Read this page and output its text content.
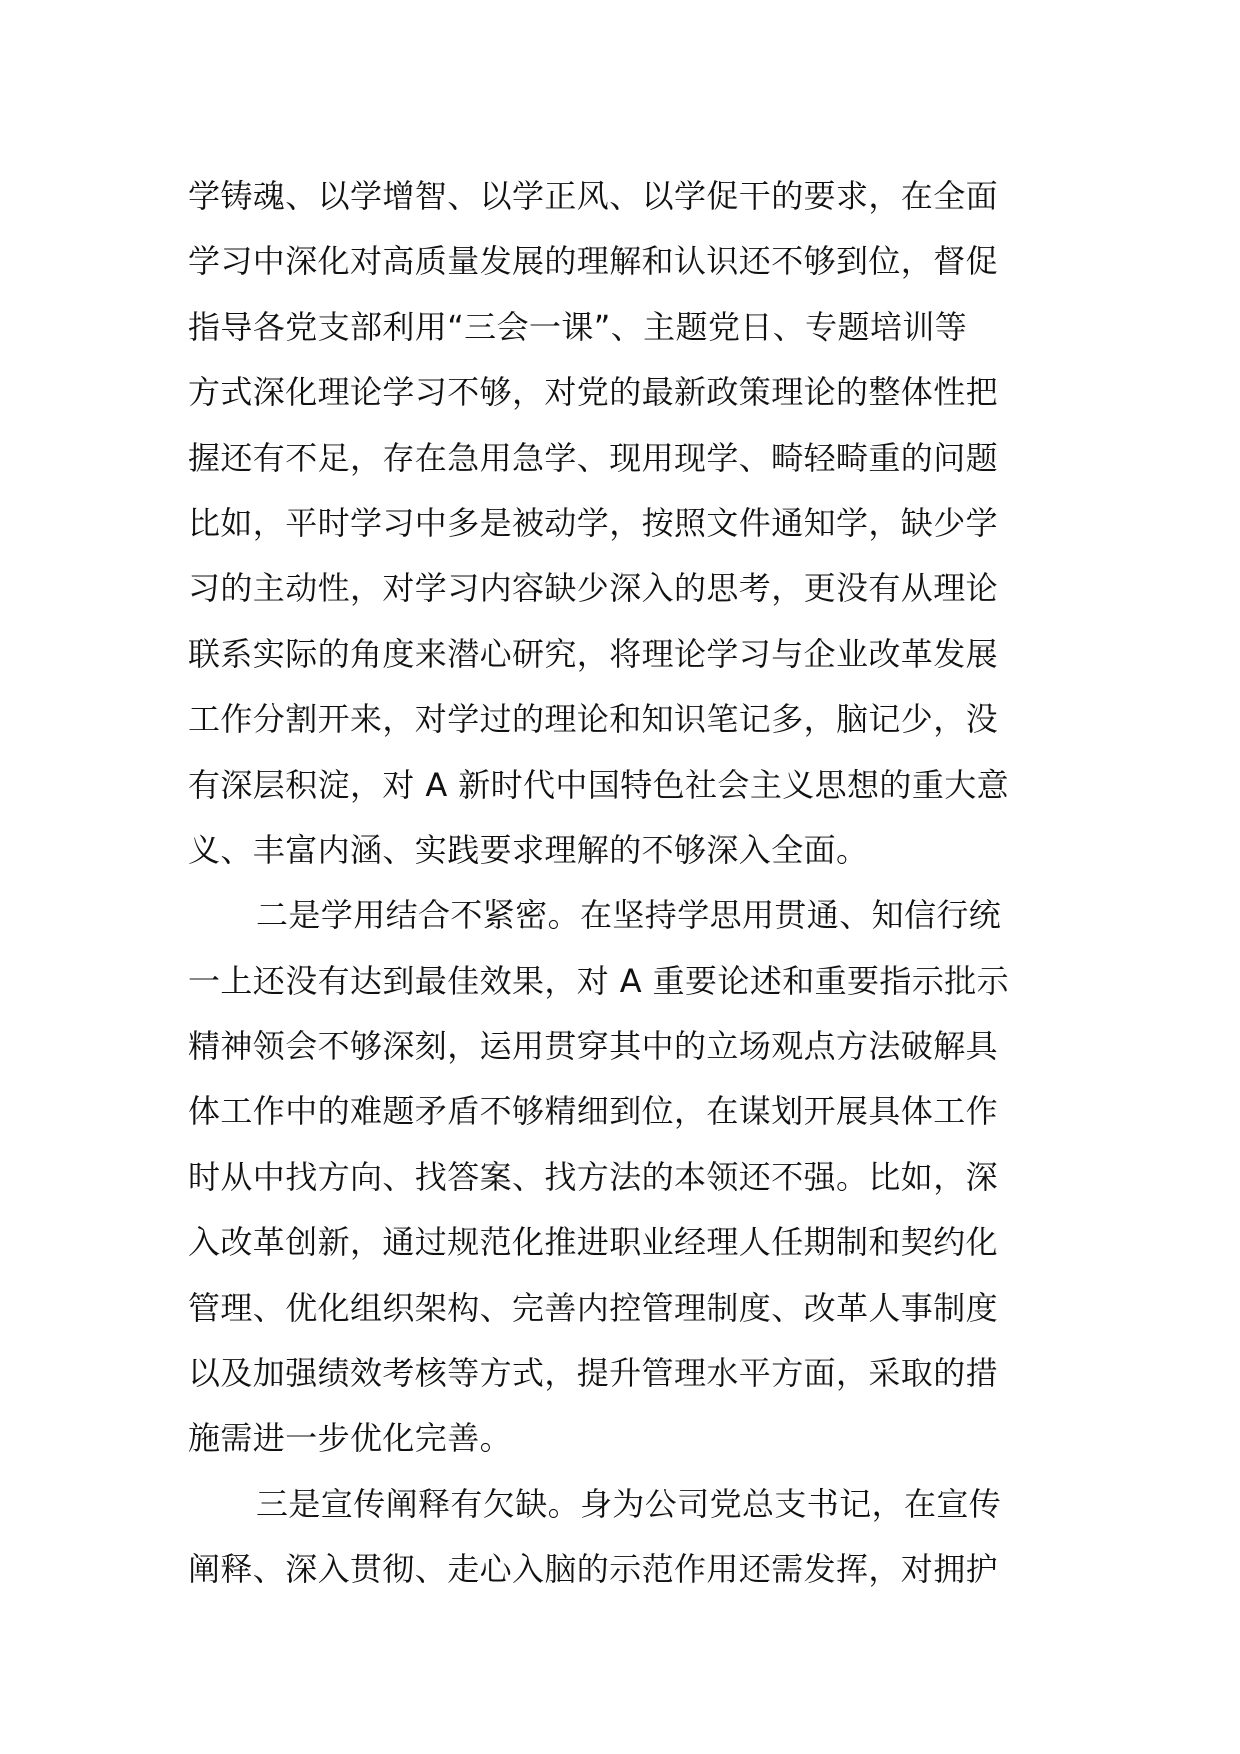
学铸魂、以学增智、以学正风、以学促干的要求，在全面
学习中深化对高质量发展的理解和认识还不够到位，督促
指导各党支部利用“三会一课”、主题党日、专题培训等
方式深化理论学习不够，对党的最新政策理论的整体性把
握还有不足，存在急用急学、现用现学、畸轻畸重的问题
比如，平时学习中多是被动学，按照文件通知学，缺少学
习的主动性，对学习内容缺少深入的思考，更没有从理论
联系实际的角度来潜心研究，将理论学习与企业改革发展
工作分割开来，对学过的理论和知识笔记多，脑记少，没
有深层积淀，对 A 新时代中国特色社会主义思想的重大意
义、丰富内涵、实践要求理解的不够深入全面。
二是学用结合不紧密。在坚持学思用贯通、知信行统
一上还没有达到最佳效果，对 A 重要论述和重要指示批示
精神领会不够深刻，运用贯穿其中的立场观点方法破解具
体工作中的难题矛盾不够精细到位，在谋划开展具体工作
时从中找方向、找答案、找方法的本领还不强。比如，深
入改革创新，通过规范化推进职业经理人任期制和契约化
管理、优化组织架构、完善内控管理制度、改革人事制度
以及加强绩效考核等方式，提升管理水平方面，采取的措
施需进一步优化完善。
三是宣传阐释有欠缺。身为公司党总支书记，在宣传
阐释、深入贯彻、走心入脑的示范作用还需发挥，对拥护
